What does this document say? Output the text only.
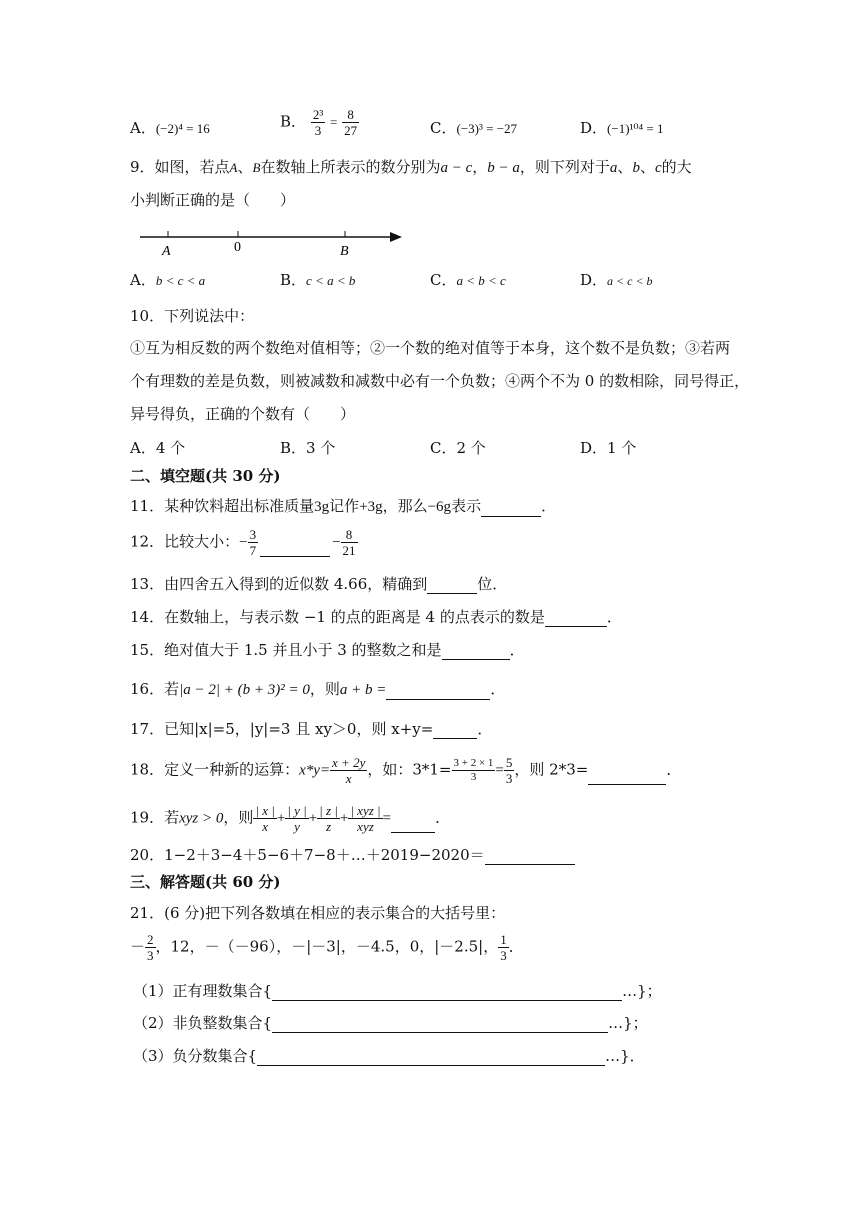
A．(−2)⁴ = 16	B． $\frac{\text{2³}}{3} = \frac{8}{27}$	C．(−3)³ = −27	D．(−1)¹⁰⁴ = 1
9．如图，若点A、B在数轴上所表示的数分别为a − c，b − a，则下列对于a、b、c的大
小判断正确的是（　　）
A	0	B
A．b < c < a	B．c < a < b	C．a < b < c	D．a < c < b
10．下列说法中：
①互为相反数的两个数绝对值相等；②一个数的绝对值等于本身，这个数不是负数；③若两
个有理数的差是负数，则被减数和减数中必有一个负数；④两个不为 0 的数相除，同号得正，
异号得负，正确的个数有（　　）
A．4 个	B．3 个	C．2 个	D．1 个
二、填空题(共 30 分)
11．某种饮料超出标准质量3g记作+3g，那么−6g表示	．
12．比较大小：− $\frac{3}{7}$	− $\frac{8}{21}$
13．由四舍五入得到的近似数 4.66，精确到	位．
14．在数轴上，与表示数 −1 的点的距离是 4 的点表示的数是	．
15．绝对值大于 1.5 并且小于 3 的整数之和是	．
16．若|a − 2| + (b + 3)² = 0，则a + b =	．
17．已知|x|=5，|y|=3 且 xy＞0，则 x+y=	．
18．定义一种新的运算：$x*y= \frac{x + 2y}{x}$ ，如：$3*1= \frac{3 + 2 \times 1}{3} = \frac{5}{3}$ ，则 2*3=	．
19．若xyz > 0，则 $\frac{| x |}{x} + \frac{| y |}{y} + \frac{| z |}{z} + \frac{\text{| xyz |}}{\text{xyz}}$ =	．
20．1−2＋3−4＋5−6＋7−8＋…＋2019−2020＝
三、解答题(共 60 分)
21．(6 分)把下列各数填在相应的表示集合的大括号里：
－ $\frac{2}{3}$ ，12，－（－96），－|－3|，－4.5，0，|－2.5|， $\frac{1}{3}$ ．
（1）正有理数集合{	…}；
（2）非负整数集合{	…}；
（3）负分数集合{	…}．
